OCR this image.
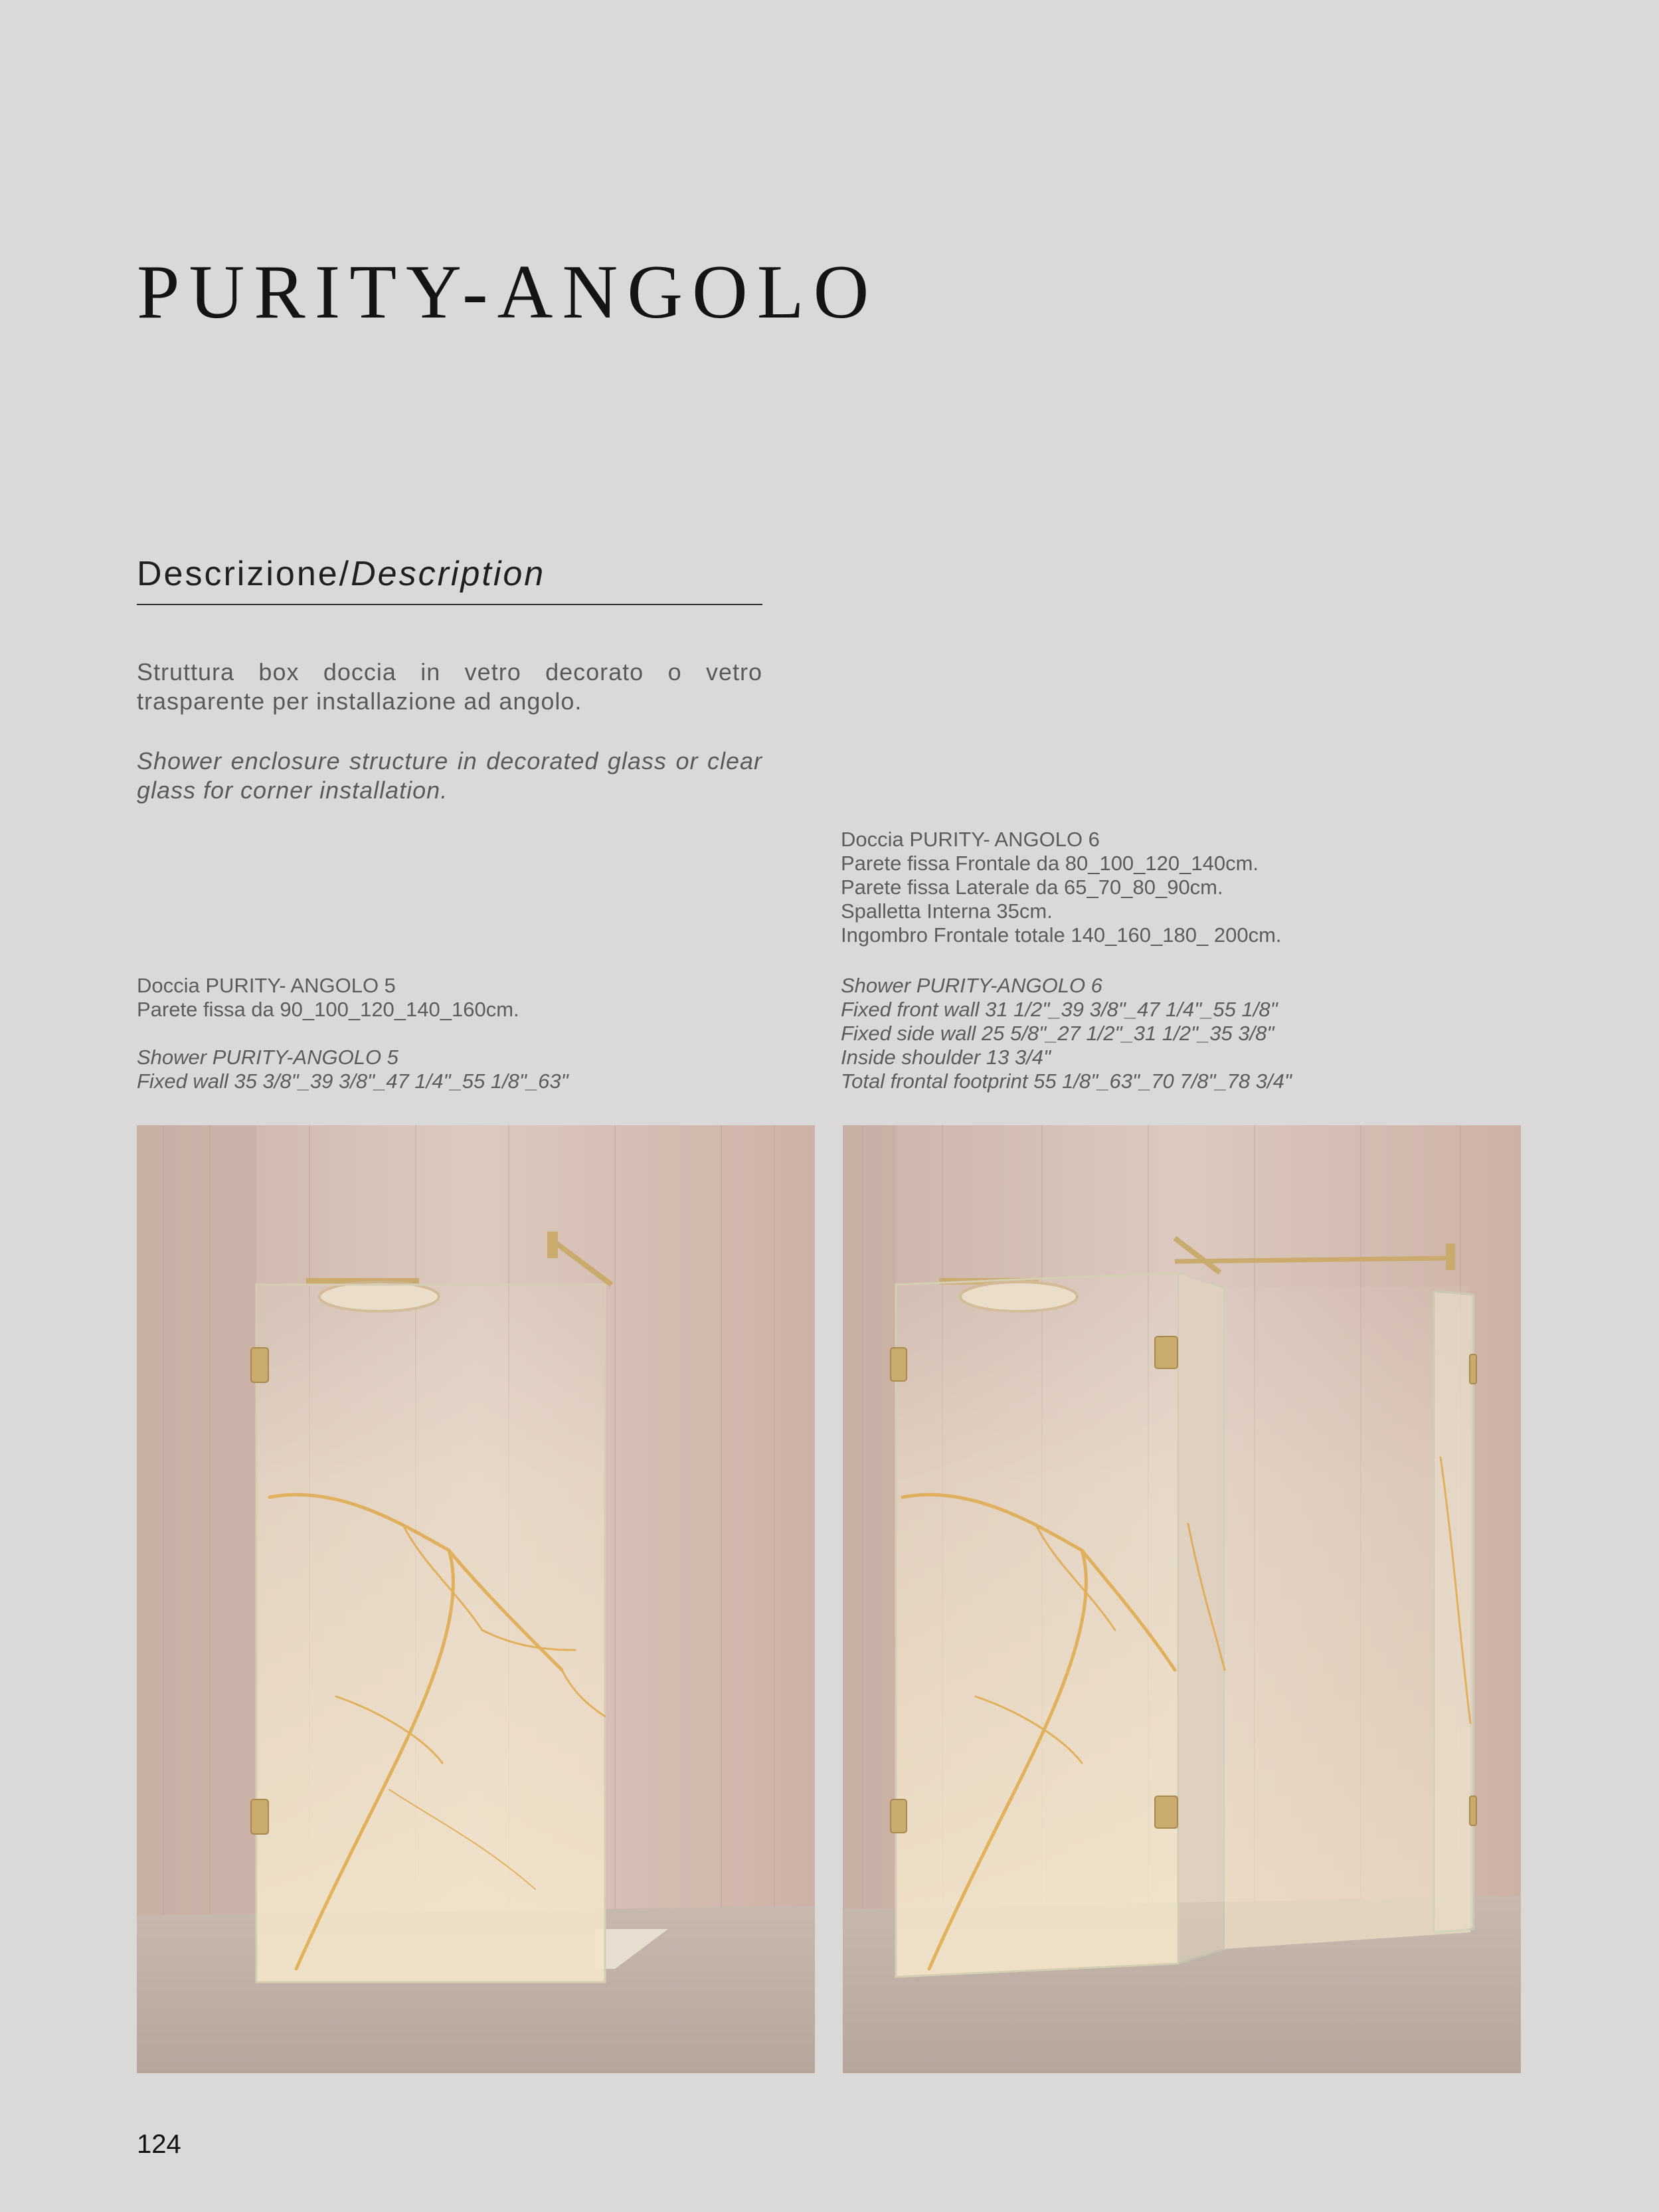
PURITY-ANGOLO
Descrizione/Description

Struttura box doccia in vetro decorato o vetro trasparente per installazione ad angolo.

Shower enclosure structure in decorated glass or clear glass for corner installation.

Doccia PURITY- ANGOLO 6
Parete fissa Frontale da 80_100_120_140cm.
Parete fissa Laterale da 65_70_80_90cm.
Spalletta Interna 35cm.
Ingombro Frontale totale 140_160_180_ 200cm.
Shower PURITY-ANGOLO 6
Fixed front wall 31 1/2"_39 3/8"_47 1/4"_55 1/8"
Fixed side wall 25 5/8"_27 1/2"_31 1/2"_35 3/8"
Inside shoulder 13 3/4"
Total frontal footprint 55 1/8"_63"_70 7/8"_78 3/4"
Doccia PURITY- ANGOLO 5
Parete fissa da 90_100_120_140_160cm.
Shower PURITY-ANGOLO 5
Fixed wall 35 3/8"_39 3/8"_47 1/4"_55 1/8"_63"
124
